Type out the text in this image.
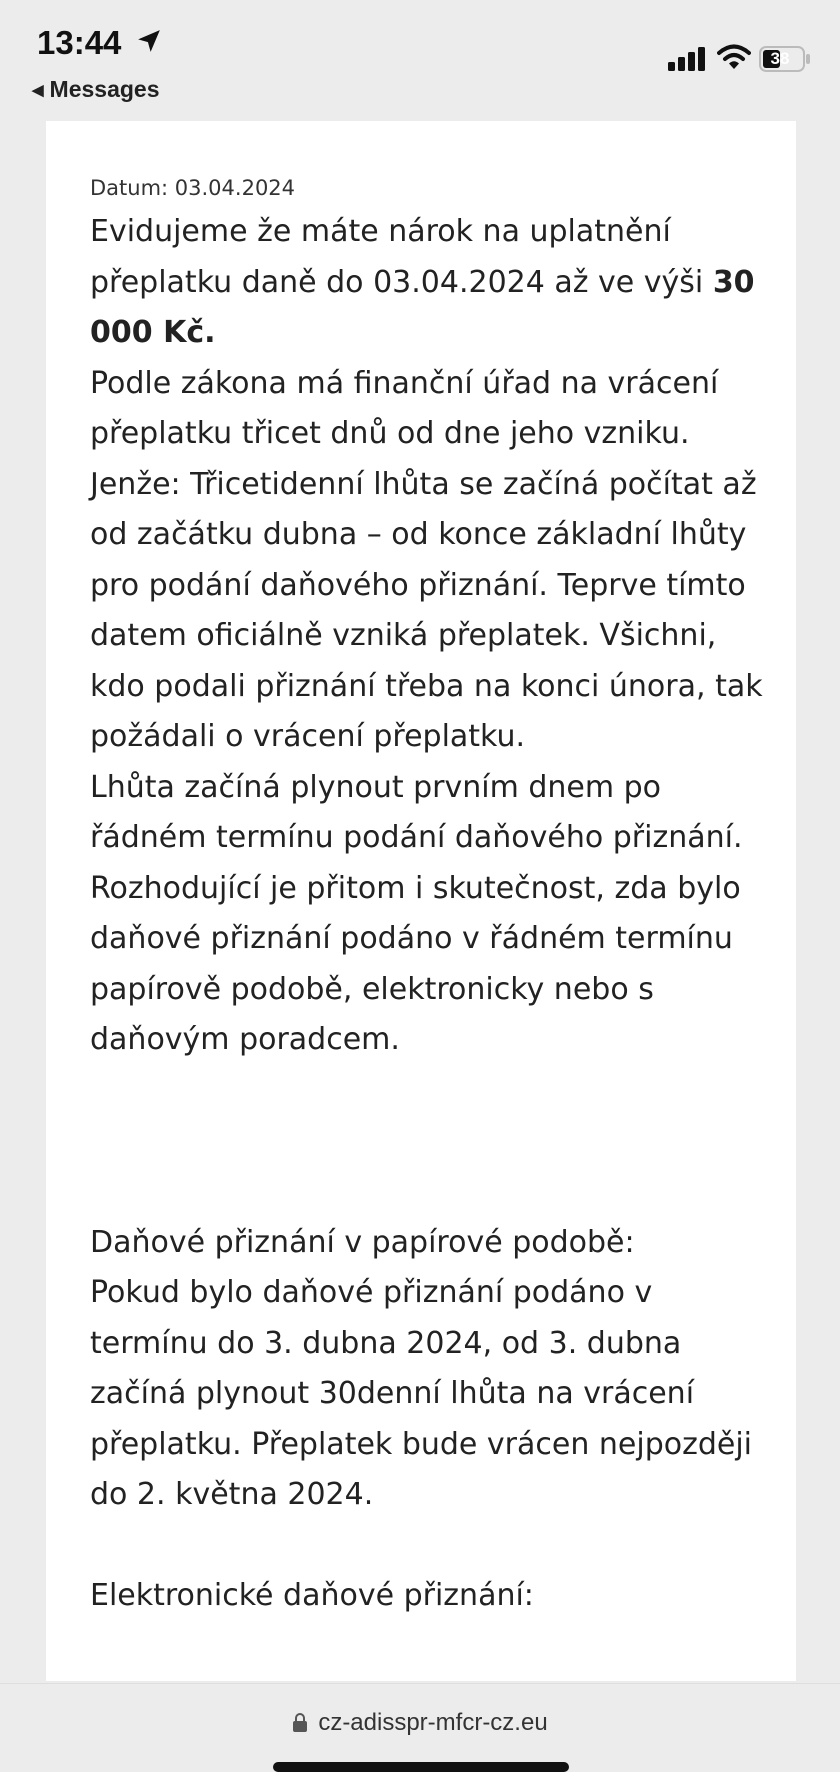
13:44
◀ Messages
38
Datum: 03.04.2024

Evidujeme že máte nárok na uplatnění přeplatku daně do 03.04.2024 až ve výši 30 000 Kč.

Podle zákona má finanční úřad na vrácení přeplatku třicet dnů od dne jeho vzniku. Jenže: Třicetidenní lhůta se začíná počítat až od začátku dubna – od konce základní lhůty pro podání daňového přiznání. Teprve tímto datem oficiálně vzniká přeplatek. Všichni, kdo podali přiznání třeba na konci února, tak požádali o vrácení přeplatku.

Lhůta začíná plynout prvním dnem po řádném termínu podání daňového přiznání. Rozhodující je přitom i skutečnost, zda bylo daňové přiznání podáno v řádném termínu papírově podobě, elektronicky nebo s daňovým poradcem.

Daňové přiznání v papírové podobě:

Pokud bylo daňové přiznání podáno v termínu do 3. dubna 2024, od 3. dubna začíná plynout 30denní lhůta na vrácení přeplatku. Přeplatek bude vrácen nejpozději do 2. května 2024.

Elektronické daňové přiznání:

cz-adisspr-mfcr-cz.eu
